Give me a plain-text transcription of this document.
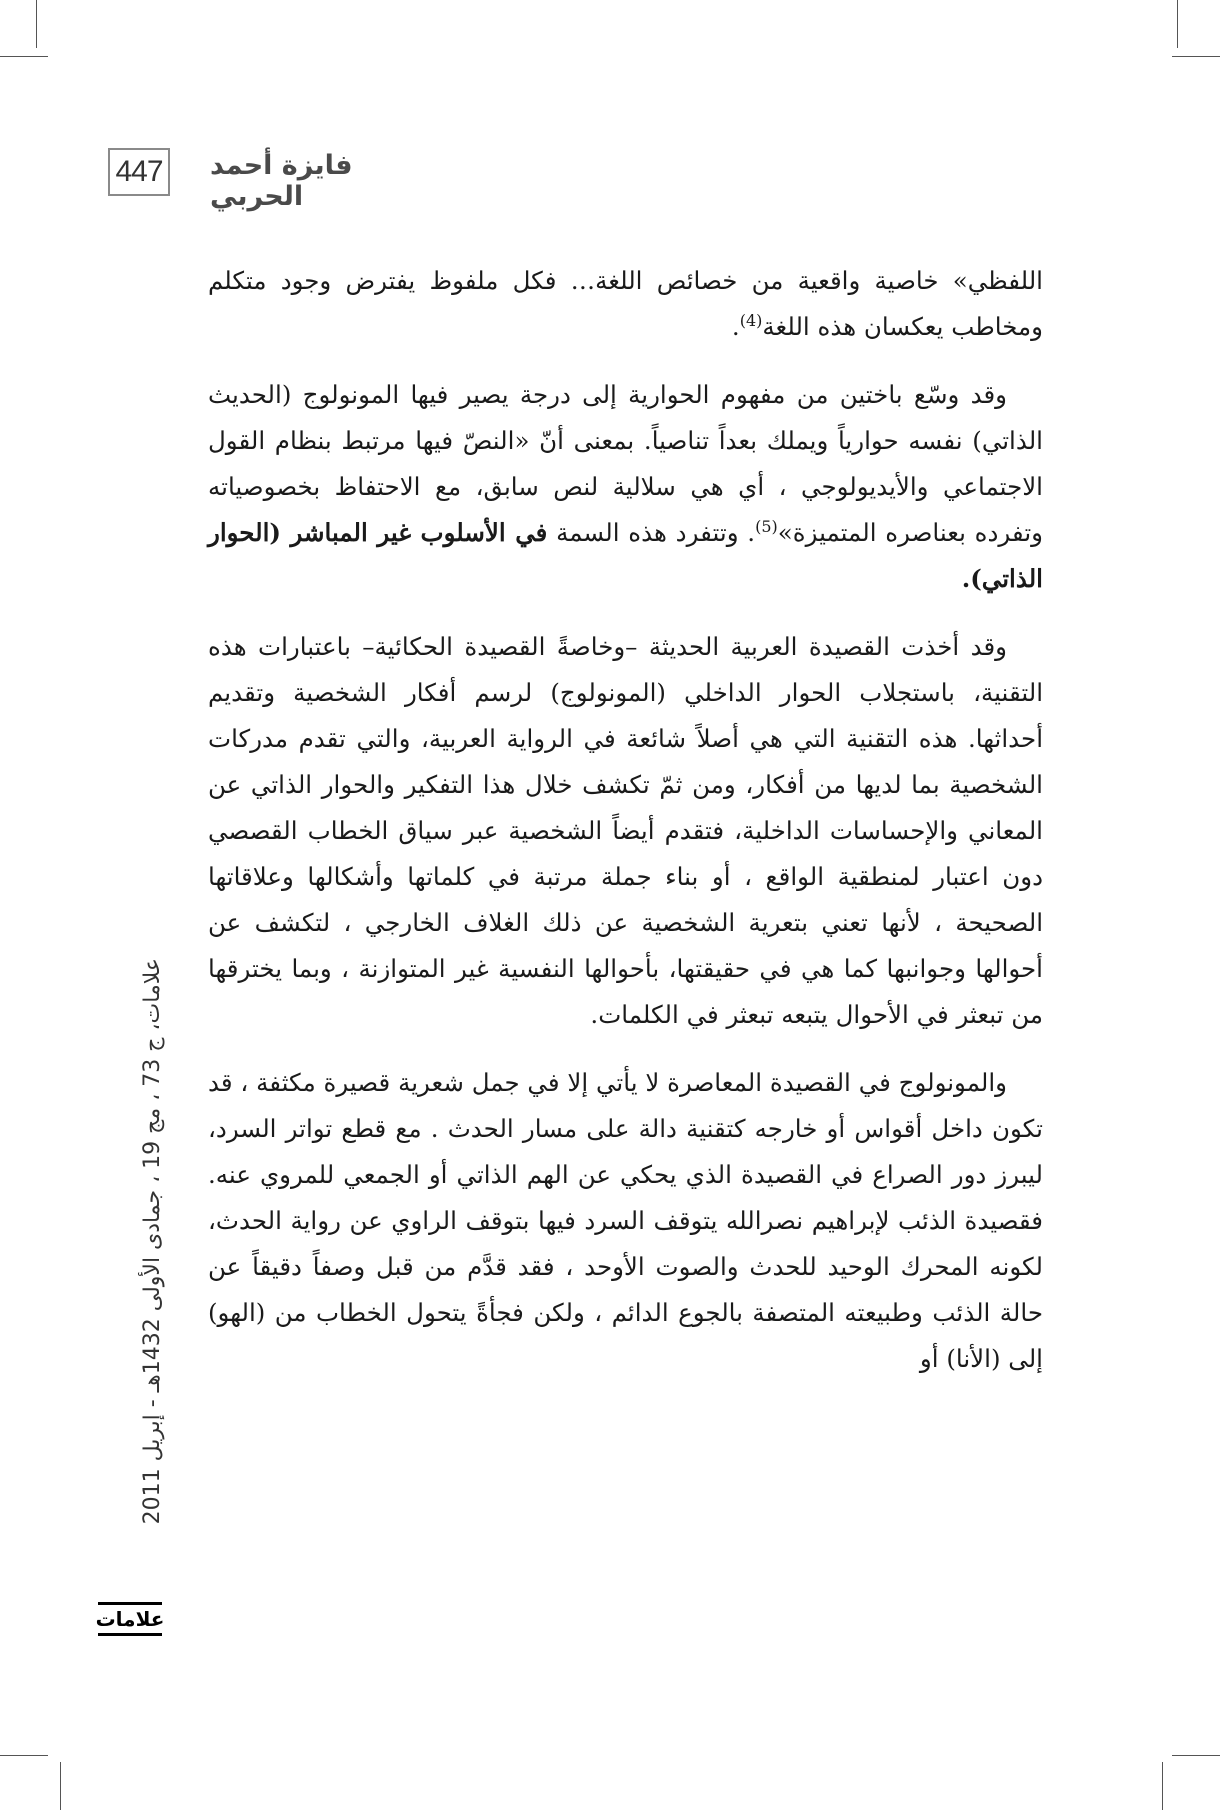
447 فايزة أحمد الحربي

اللفظي» خاصية واقعية من خصائص اللغة… فكل ملفوظ يفترض وجود متكلم ومخاطب يعكسان هذه اللغة$^{(4)}$.

وقد وسّع باختين من مفهوم الحوارية إلى درجة يصير فيها المونولوج (الحديث الذاتي) نفسه حوارياً ويملك بعداً تناصياً. بمعنى أنّ «النصّ فيها مرتبط بنظام القول الاجتماعي والأيديولوجي ، أي هي سلالية لنص سابق، مع الاحتفاظ بخصوصياته وتفرده بعناصره المتميزة»$^{(5)}$. وتتفرد هذه السمة في الأسلوب غير المباشر (الحوار الذاتي).

وقد أخذت القصيدة العربية الحديثة –وخاصةً القصيدة الحكائية– باعتبارات هذه التقنية، باستجلاب الحوار الداخلي (المونولوج) لرسم أفكار الشخصية وتقديم أحداثها. هذه التقنية التي هي أصلاً شائعة في الرواية العربية، والتي تقدم مدركات الشخصية بما لديها من أفكار، ومن ثمّ تكشف خلال هذا التفكير والحوار الذاتي عن المعاني والإحساسات الداخلية، فتقدم أيضاً الشخصية عبر سياق الخطاب القصصي دون اعتبار لمنطقية الواقع ، أو بناء جملة مرتبة في كلماتها وأشكالها وعلاقاتها الصحيحة ، لأنها تعني بتعرية الشخصية عن ذلك الغلاف الخارجي ، لتكشف عن أحوالها وجوانبها كما هي في حقيقتها، بأحوالها النفسية غير المتوازنة ، وبما يخترقها من تبعثر في الأحوال يتبعه تبعثر في الكلمات.

والمونولوج في القصيدة المعاصرة لا يأتي إلا في جمل شعرية قصيرة مكثفة ، قد تكون داخل أقواس أو خارجه كتقنية دالة على مسار الحدث . مع قطع تواتر السرد، ليبرز دور الصراع في القصيدة الذي يحكي عن الهم الذاتي أو الجمعي للمروي عنه. فقصيدة الذئب لإبراهيم نصرالله يتوقف السرد فيها بتوقف الراوي عن رواية الحدث، لكونه المحرك الوحيد للحدث والصوت الأوحد ، فقد قدَّم من قبل وصفاً دقيقاً عن حالة الذئب وطبيعته المتصفة بالجوع الدائم ، ولكن فجأةً يتحول الخطاب من (الهو) إلى (الأنا) أو

علامات، ج 73 ، مج 19 ، جمادى الأولى 1432هـ - إبريل 2011
علامات
